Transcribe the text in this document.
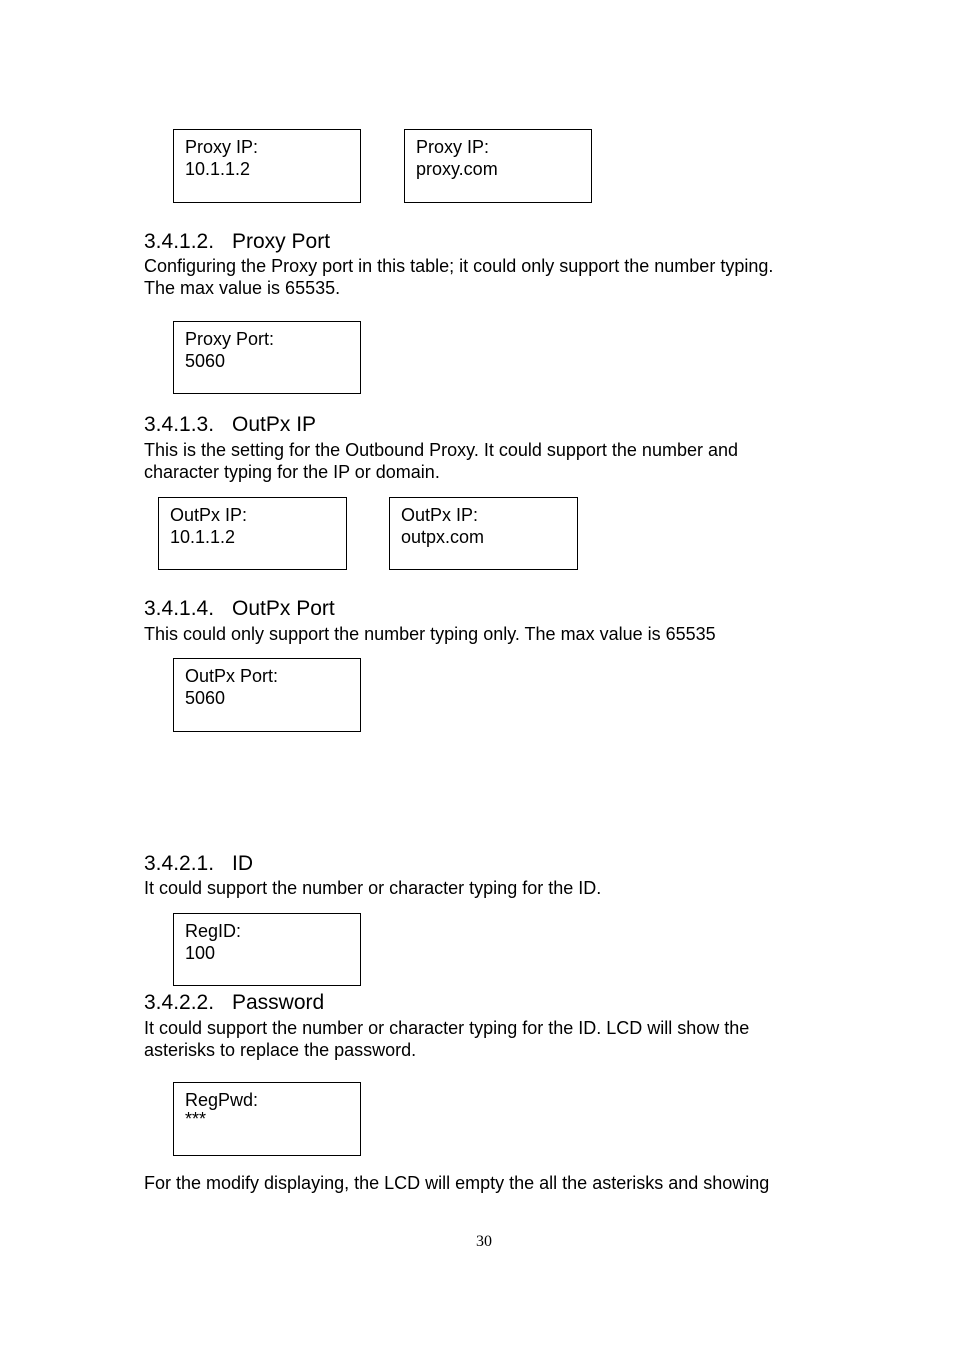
Proxy IP:
10.1.1.2
Proxy IP:
proxy.com
3.4.1.2. Proxy Port
Configuring the Proxy port in this table; it could only support the number typing.
The max value is 65535.
Proxy Port:
5060
3.4.1.3. OutPx IP
This is the setting for the Outbound Proxy. It could support the number and
character typing for the IP or domain.
OutPx IP:
10.1.1.2
OutPx IP:
outpx.com
3.4.1.4. OutPx Port
This could only support the number typing only. The max value is 65535
OutPx Port:
5060
3.4.2.1. ID
It could support the number or character typing for the ID.
RegID:
100
3.4.2.2. Password
It could support the number or character typing for the ID. LCD will show the
asterisks to replace the password.
RegPwd:
***
For the modify displaying, the LCD will empty the all the asterisks and showing
30
